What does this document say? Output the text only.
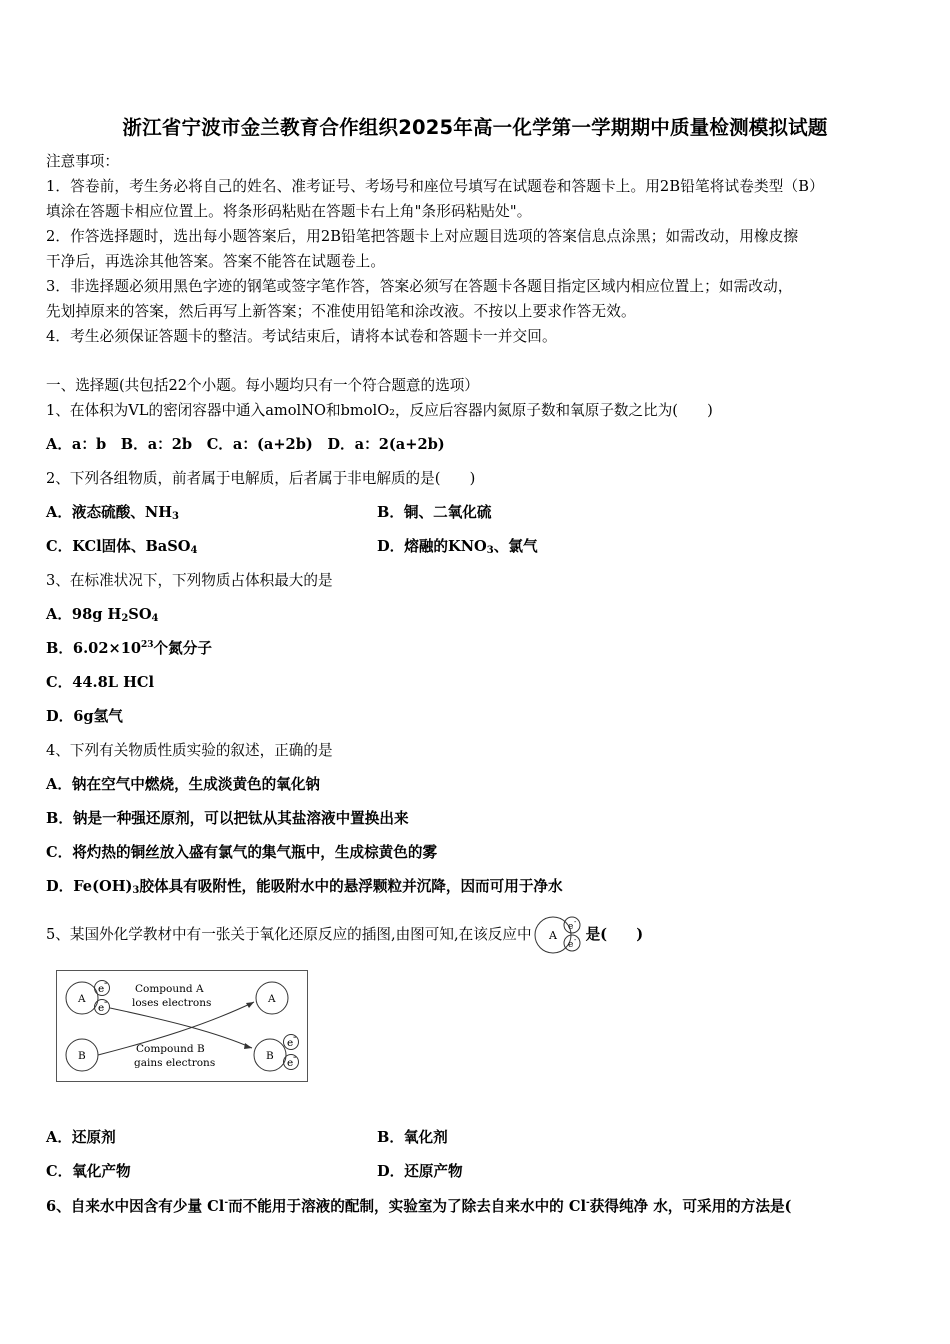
浙江省宁波市金兰教育合作组织2025年高一化学第一学期期中质量检测模拟试题
注意事项：
1．答卷前，考生务必将自己的姓名、准考证号、考场号和座位号填写在试题卷和答题卡上。用2B铅笔将试卷类型（B）
填涂在答题卡相应位置上。将条形码粘贴在答题卡右上角"条形码粘贴处"。
2．作答选择题时，选出每小题答案后，用2B铅笔把答题卡上对应题目选项的答案信息点涂黑；如需改动，用橡皮擦
干净后，再选涂其他答案。答案不能答在试题卷上。
3．非选择题必须用黑色字迹的钢笔或签字笔作答，答案必须写在答题卡各题目指定区域内相应位置上；如需改动，
先划掉原来的答案，然后再写上新答案；不准使用铅笔和涂改液。不按以上要求作答无效。
4．考生必须保证答题卡的整洁。考试结束后，请将本试卷和答题卡一并交回。
一、选择题(共包括22个小题。每小题均只有一个符合题意的选项）
1、在体积为VL的密闭容器中通入amolNO和bmolO₂，反应后容器内氮原子数和氧原子数之比为(　　)
A．a：b　B．a：2b　C．a：(a+2b)　D．a：2(a+2b)
2、下列各组物质，前者属于电解质，后者属于非电解质的是(　　)
A．液态硫酸、$NH_3$	B．铜、二氧化硫
C．KCl固体、BaSO$_4$	D．熔融的$KNO_3$、氯气
3、在标准状况下，下列物质占体积最大的是
A．98g $H_2SO_4$
B．$6.02\times 10^{23}$个氮分子
C．44.8L HCl
D．6g氢气
4、下列有关物质性质实验的叙述，正确的是
A．钠在空气中燃烧，生成淡黄色的氧化钠
B．钠是一种强还原剂，可以把钛从其盐溶液中置换出来
C．将灼热的铜丝放入盛有氯气的集气瓶中，生成棕黄色的雾
D．$Fe(OH)_3$胶体具有吸附性，能吸附水中的悬浮颗粒并沉降，因而可用于净水
5、某国外化学教材中有一张关于氧化还原反应的插图,由图可知,在该反应中 A
e -
e - 是(　　)
A
e -
e -
B
A
B
e -
e -
Compound A
loses electrons
Compound B
gains electrons
A．还原剂	B．氧化剂
C．氧化产物	D．还原产物
6、自来水中因含有少量 Cl-而不能用于溶液的配制，实验室为了除去自来水中的 Cl-获得纯净 水，可采用的方法是(
